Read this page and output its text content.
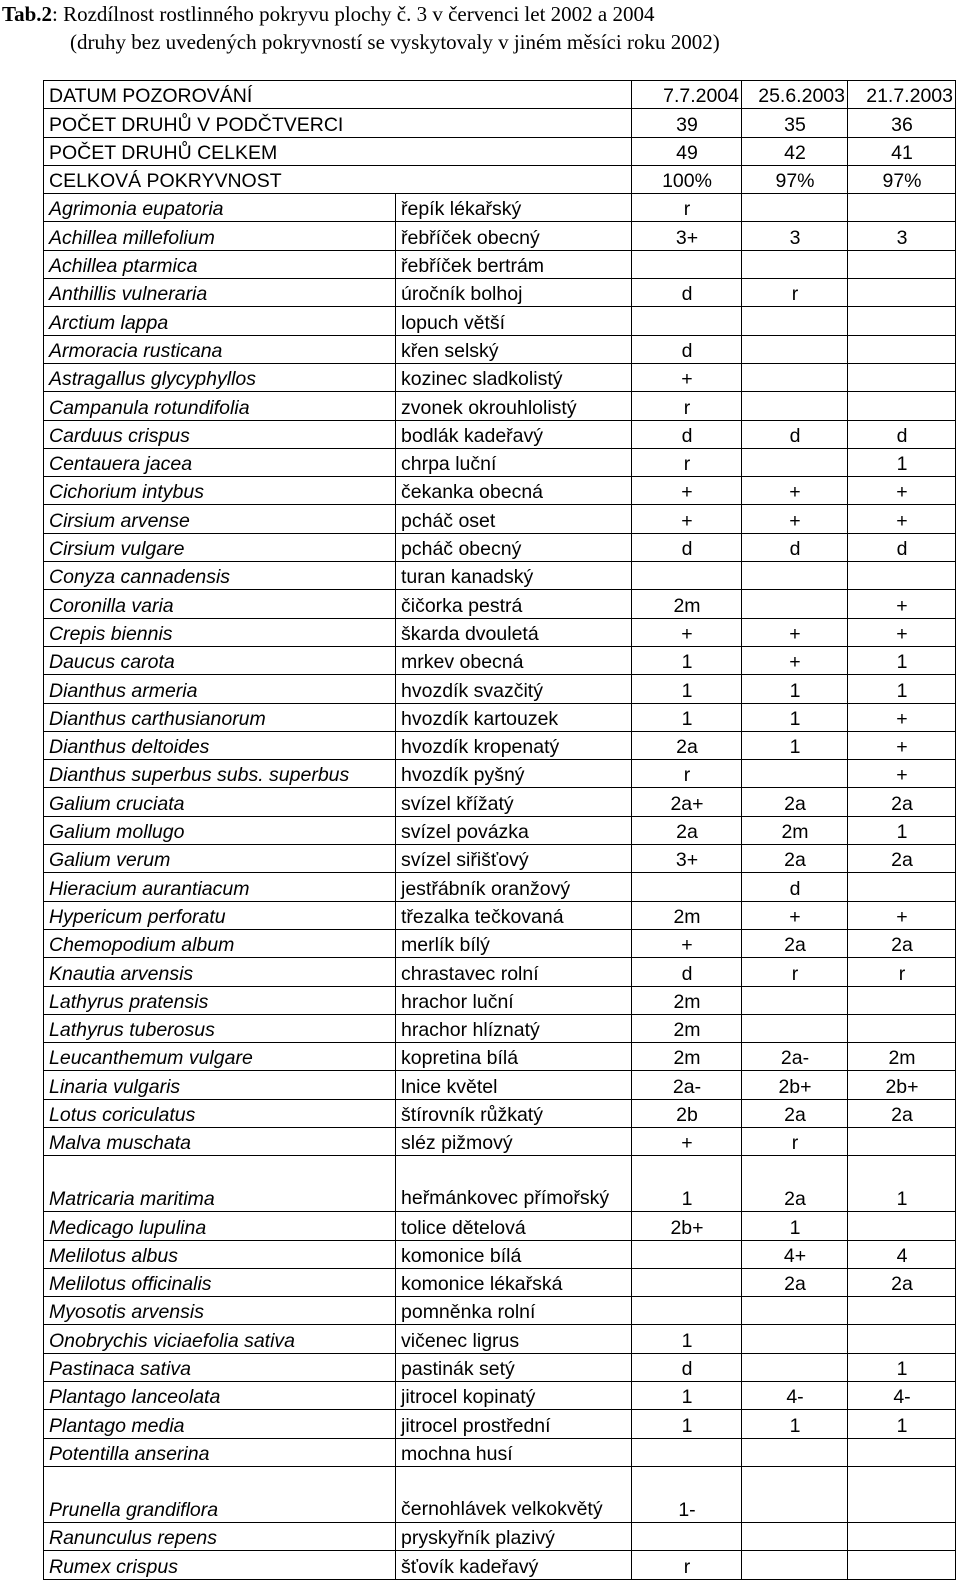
Tab.2: Rozdílnost rostlinného pokryvu plochy č. 3 v červenci let 2002 a 2004
(druhy bez uvedených pokryvností se vyskytovaly v jiném měsíci roku 2002)
DATUM POZOROVÁNÍ		7.7.2004	25.6.2003	21.7.2003
POČET DRUHŮ V PODČTVERCI		39	35	36
POČET DRUHŮ CELKEM		49	42	41
CELKOVÁ POKRYVNOST		100%	97%	97%
Agrimonia eupatoria	řepík lékařský	r		
Achillea millefolium	řebříček obecný	3+	3	3
Achillea ptarmica	řebříček bertrám			
Anthillis vulneraria	úročník bolhoj	d	r	
Arctium lappa	lopuch větší			
Armoracia rusticana	křen selský	d		
Astragallus glycyphyllos	kozinec sladkolistý	+		
Campanula rotundifolia	zvonek okrouhlolistý	r		
Carduus crispus	bodlák kadeřavý	d	d	d
Centauera jacea	chrpa luční	r		1
Cichorium intybus	čekanka obecná	+	+	+
Cirsium arvense	pcháč oset	+	+	+
Cirsium vulgare	pcháč obecný	d	d	d
Conyza cannadensis	turan kanadský			
Coronilla varia	čičorka pestrá	2m		+
Crepis biennis	škarda dvouletá	+	+	+
Daucus carota	mrkev obecná	1	+	1
Dianthus armeria	hvozdík svazčitý	1	1	1
Dianthus carthusianorum	hvozdík kartouzek	1	1	+
Dianthus deltoides	hvozdík kropenatý	2a	1	+
Dianthus superbus subs. superbus	hvozdík pyšný	r		+
Galium cruciata	svízel křížatý	2a+	2a	2a
Galium mollugo	svízel povázka	2a	2m	1
Galium verum	svízel siřišťový	3+	2a	2a
Hieracium aurantiacum	jestřábník oranžový		d	
Hypericum perforatu	třezalka tečkovaná	2m	+	+
Chemopodium album	merlík bílý	+	2a	2a
Knautia arvensis	chrastavec rolní	d	r	r
Lathyrus pratensis	hrachor luční	2m		
Lathyrus tuberosus	hrachor hlíznatý	2m		
Leucanthemum vulgare	kopretina bílá	2m	2a-	2m
Linaria vulgaris	lnice květel	2a-	2b+	2b+
Lotus coriculatus	štírovník růžkatý	2b	2a	2a
Malva muschata	sléz pižmový	+	r	
Matricaria maritima	heřmánkovec přímořský	1	2a	1
Medicago lupulina	tolice dětelová	2b+	1	
Melilotus albus	komonice bílá		4+	4
Melilotus officinalis	komonice lékařská		2a	2a
Myosotis arvensis	pomněnka rolní			
Onobrychis viciaefolia sativa	vičenec ligrus	1		
Pastinaca sativa	pastinák setý	d		1
Plantago lanceolata	jitrocel kopinatý	1	4-	4-
Plantago media	jitrocel prostřední	1	1	1
Potentilla anserina	mochna husí			
Prunella grandiflora	černohlávek velkokvětý	1-		
Ranunculus repens	pryskyřník plazivý			
Rumex crispus	šťovík kadeřavý	r		
